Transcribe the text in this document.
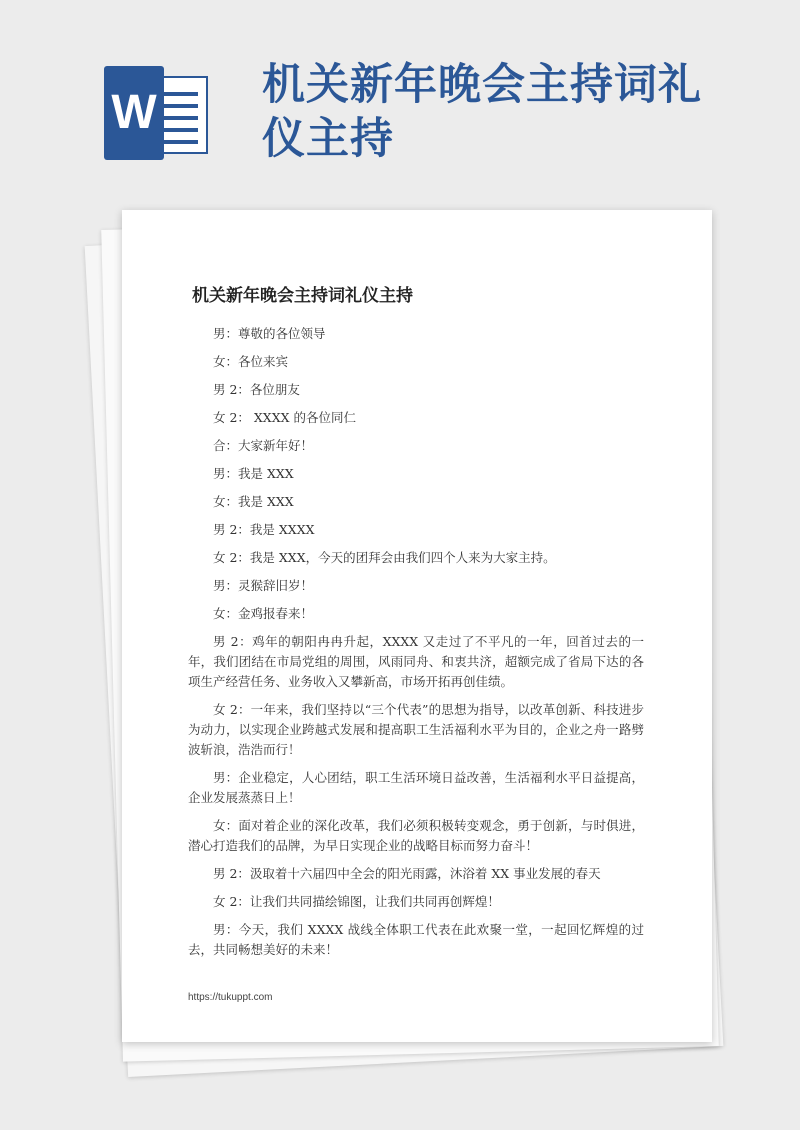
W
机关新年晚会主持词礼仪主持
机关新年晚会主持词礼仪主持

男：尊敬的各位领导

女：各位来宾

男 2：各位朋友

女 2： XXXX 的各位同仁

合：大家新年好！

男：我是 XXX

女：我是 XXX

男 2：我是 XXXX

女 2：我是 XXX，今天的团拜会由我们四个人来为大家主持。

男：灵猴辞旧岁！

女：金鸡报春来！

男 2：鸡年的朝阳冉冉升起，XXXX 又走过了不平凡的一年，回首过去的一年，我们团结在市局党组的周围，风雨同舟、和衷共济，超额完成了省局下达的各项生产经营任务、业务收入又攀新高，市场开拓再创佳绩。

女 2：一年来，我们坚持以“三个代表”的思想为指导，以改革创新、科技进步为动力，以实现企业跨越式发展和提高职工生活福利水平为目的，企业之舟一路劈波斩浪，浩浩而行！

男：企业稳定，人心团结，职工生活环境日益改善，生活福利水平日益提高，企业发展蒸蒸日上！

女：面对着企业的深化改革，我们必须积极转变观念，勇于创新，与时俱进，潜心打造我们的品牌，为早日实现企业的战略目标而努力奋斗！

男 2：汲取着十六届四中全会的阳光雨露，沐浴着 XX 事业发展的春天

女 2：让我们共同描绘锦图，让我们共同再创辉煌！

男：今天，我们 XXXX 战线全体职工代表在此欢聚一堂，一起回忆辉煌的过去，共同畅想美好的未来！

https://tukuppt.com
